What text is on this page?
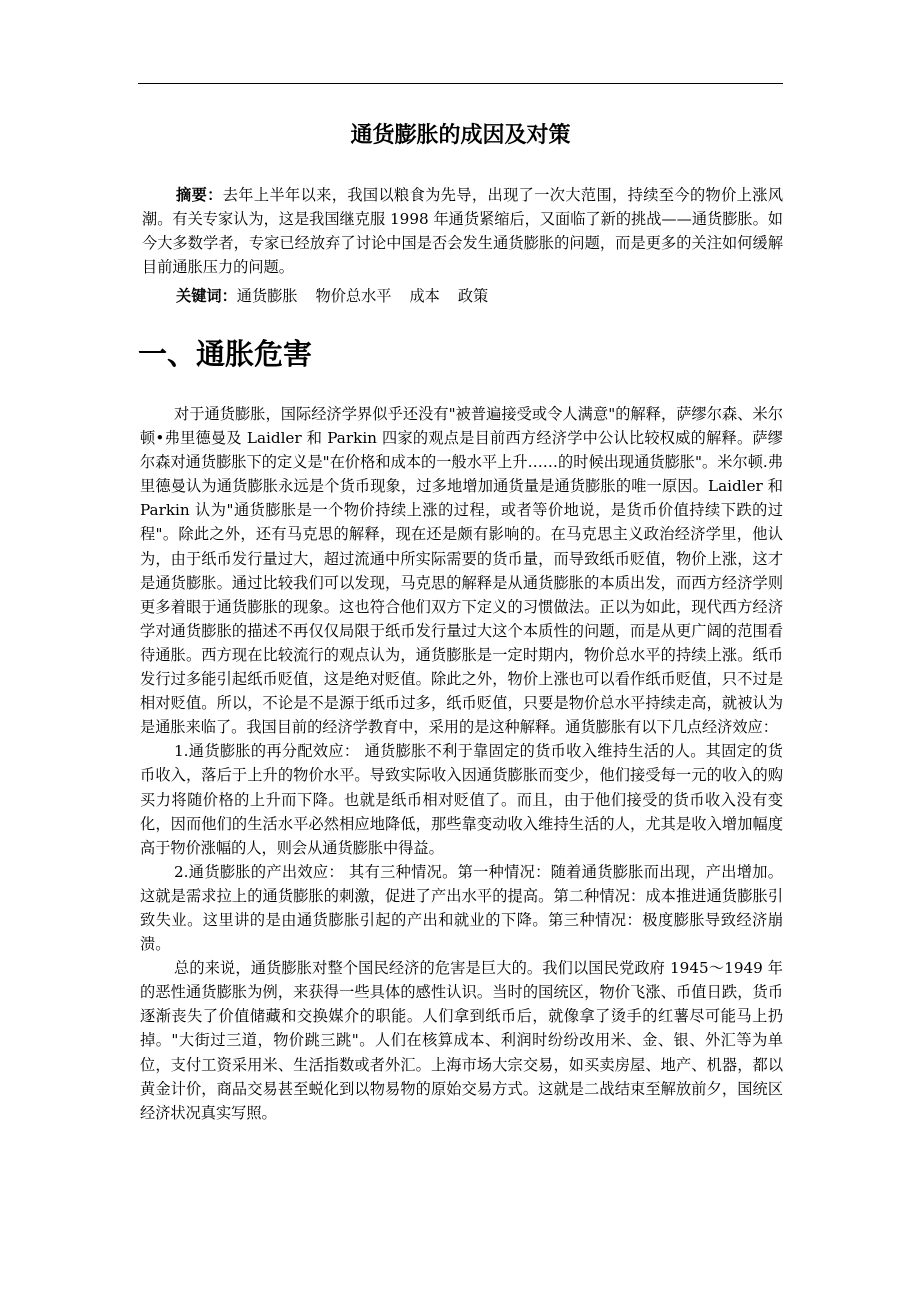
通货膨胀的成因及对策

摘要：去年上半年以来，我国以粮食为先导，出现了一次大范围，持续至今的物价上涨风潮。有关专家认为，这是我国继克服 1998 年通货紧缩后，又面临了新的挑战——通货膨胀。如今大多数学者，专家已经放弃了讨论中国是否会发生通货膨胀的问题，而是更多的关注如何缓解目前通胀压力的问题。

关键词：通货膨胀 物价总水平 成本 政策

一、通胀危害

对于通货膨胀，国际经济学界似乎还没有"被普遍接受或令人满意"的解释，萨缪尔森、米尔顿•弗里德曼及 Laidler 和 Parkin 四家的观点是目前西方经济学中公认比较权威的解释。萨缪尔森对通货膨胀下的定义是"在价格和成本的一般水平上升……的时候出现通货膨胀"。米尔顿.弗里德曼认为通货膨胀永远是个货币现象，过多地增加通货量是通货膨胀的唯一原因。Laidler 和 Parkin 认为"通货膨胀是一个物价持续上涨的过程，或者等价地说，是货币价值持续下跌的过程"。除此之外，还有马克思的解释，现在还是颇有影响的。在马克思主义政治经济学里，他认为，由于纸币发行量过大，超过流通中所实际需要的货币量，而导致纸币贬值，物价上涨，这才是通货膨胀。通过比较我们可以发现，马克思的解释是从通货膨胀的本质出发，而西方经济学则更多着眼于通货膨胀的现象。这也符合他们双方下定义的习惯做法。正以为如此，现代西方经济学对通货膨胀的描述不再仅仅局限于纸币发行量过大这个本质性的问题，而是从更广阔的范围看待通胀。西方现在比较流行的观点认为，通货膨胀是一定时期内，物价总水平的持续上涨。纸币发行过多能引起纸币贬值，这是绝对贬值。除此之外，物价上涨也可以看作纸币贬值，只不过是相对贬值。所以，不论是不是源于纸币过多，纸币贬值，只要是物价总水平持续走高，就被认为是通胀来临了。我国目前的经济学教育中，采用的是这种解释。通货膨胀有以下几点经济效应：

1.通货膨胀的再分配效应： 通货膨胀不利于靠固定的货币收入维持生活的人。其固定的货币收入，落后于上升的物价水平。导致实际收入因通货膨胀而变少，他们接受每一元的收入的购买力将随价格的上升而下降。也就是纸币相对贬值了。而且，由于他们接受的货币收入没有变化，因而他们的生活水平必然相应地降低，那些靠变动收入维持生活的人，尤其是收入增加幅度高于物价涨幅的人，则会从通货膨胀中得益。

2.通货膨胀的产出效应： 其有三种情况。第一种情况：随着通货膨胀而出现，产出增加。这就是需求拉上的通货膨胀的刺激，促进了产出水平的提高。第二种情况：成本推进通货膨胀引致失业。这里讲的是由通货膨胀引起的产出和就业的下降。第三种情况：极度膨胀导致经济崩溃。

总的来说，通货膨胀对整个国民经济的危害是巨大的。我们以国民党政府 1945～1949 年的恶性通货膨胀为例，来获得一些具体的感性认识。当时的国统区，物价飞涨、币值日跌，货币逐渐丧失了价值储藏和交换媒介的职能。人们拿到纸币后，就像拿了烫手的红薯尽可能马上扔掉。"大街过三道，物价跳三跳"。人们在核算成本、利润时纷纷改用米、金、银、外汇等为单位，支付工资采用米、生活指数或者外汇。上海市场大宗交易，如买卖房屋、地产、机器，都以黄金计价，商品交易甚至蜕化到以物易物的原始交易方式。这就是二战结束至解放前夕，国统区经济状况真实写照。
